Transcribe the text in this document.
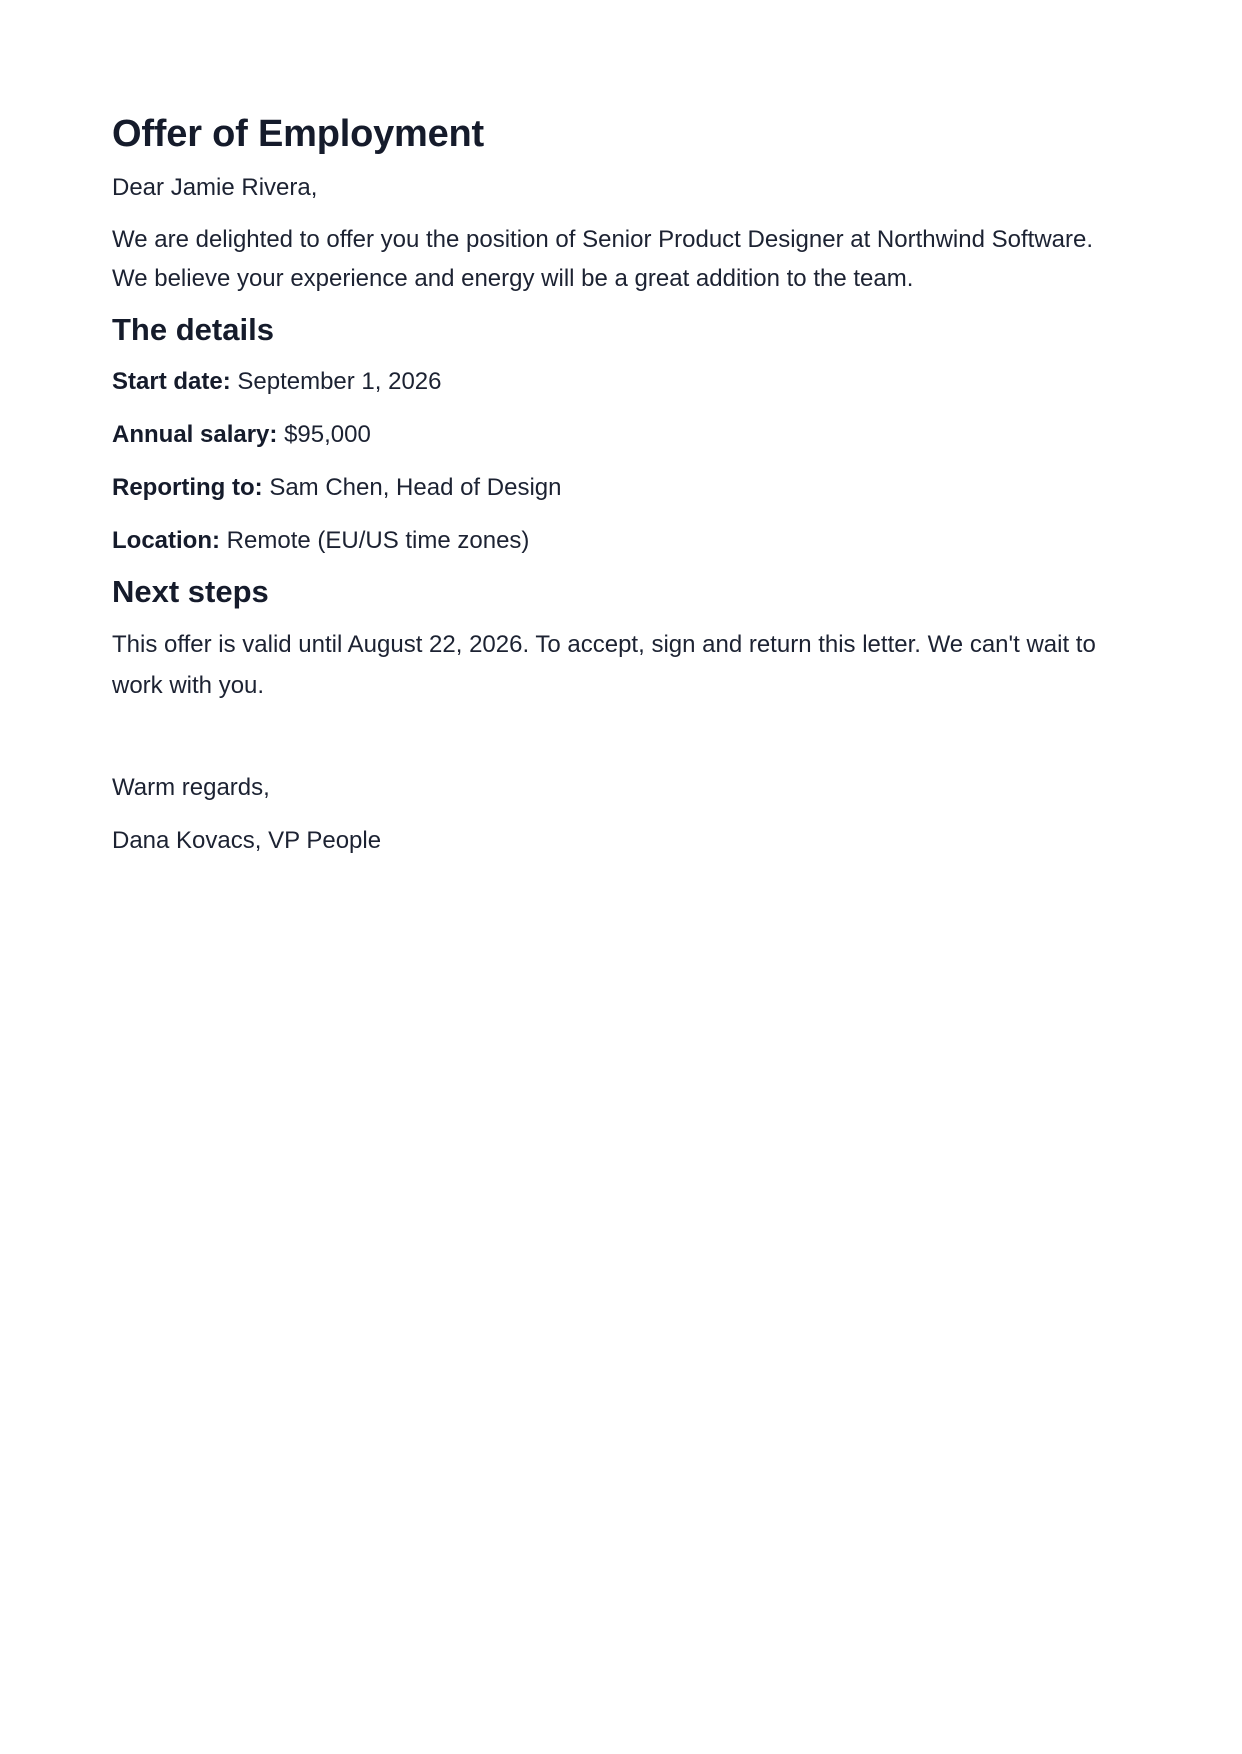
Offer of Employment

Dear Jamie Rivera,

We are delighted to offer you the position of Senior Product Designer at Northwind Software. We believe your experience and energy will be a great addition to the team.

The details

Start date: September 1, 2026

Annual salary: $95,000

Reporting to: Sam Chen, Head of Design

Location: Remote (EU/US time zones)

Next steps

This offer is valid until August 22, 2026. To accept, sign and return this letter. We can't wait to work with you.

Warm regards,

Dana Kovacs, VP People
